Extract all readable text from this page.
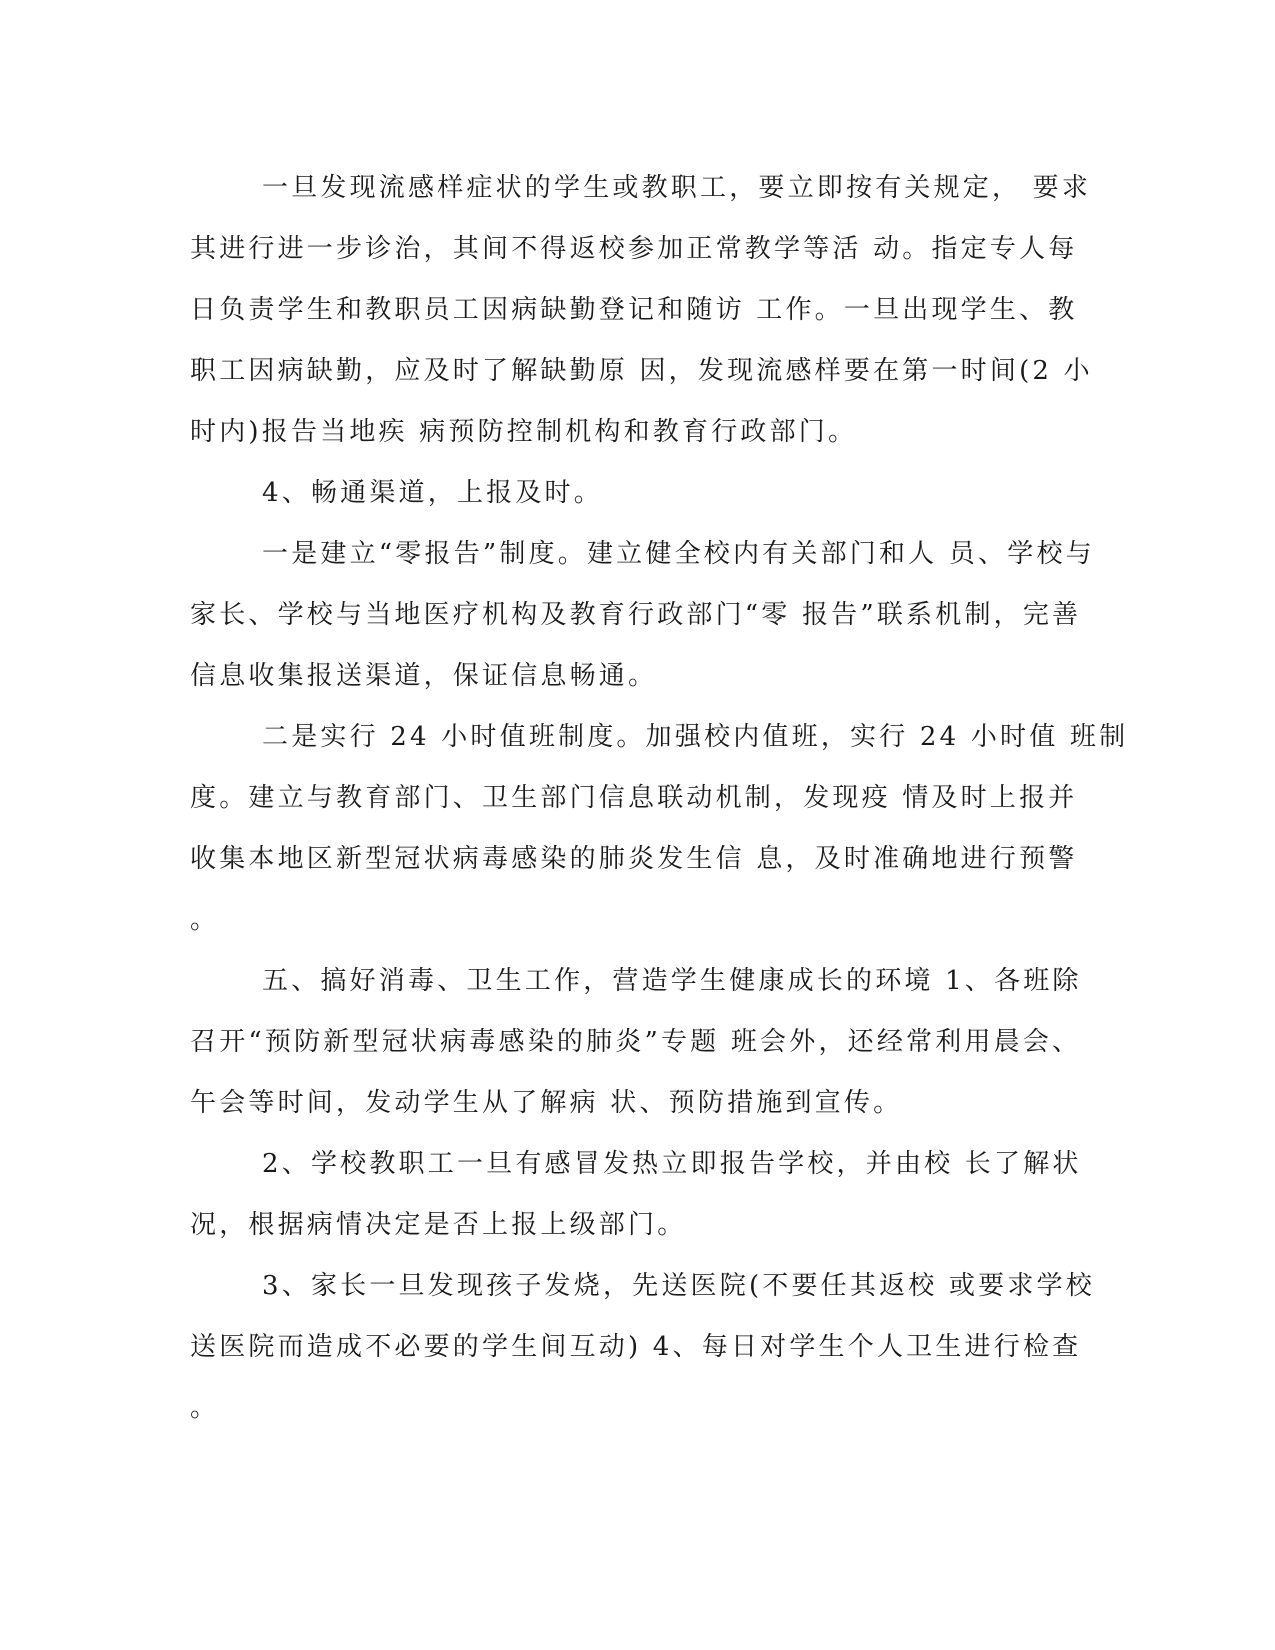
一旦发现流感样症状的学生或教职工，要立即按有关规定， 要求
其进行进一步诊治，其间不得返校参加正常教学等活 动。指定专人每
日负责学生和教职员工因病缺勤登记和随访 工作。一旦出现学生、教
职工因病缺勤，应及时了解缺勤原 因，发现流感样要在第一时间(2 小
时内)报告当地疾 病预防控制机构和教育行政部门。
4、畅通渠道，上报及时。
一是建立“零报告”制度。建立健全校内有关部门和人 员、学校与
家长、学校与当地医疗机构及教育行政部门“零 报告”联系机制，完善
信息收集报送渠道，保证信息畅通。
二是实行 24 小时值班制度。加强校内值班，实行 24 小时值 班制
度。建立与教育部门、卫生部门信息联动机制，发现疫 情及时上报并
收集本地区新型冠状病毒感染的肺炎发生信 息，及时准确地进行预警
。
五、搞好消毒、卫生工作，营造学生健康成长的环境 1、各班除
召开“预防新型冠状病毒感染的肺炎”专题 班会外，还经常利用晨会、
午会等时间，发动学生从了解病 状、预防措施到宣传。
2、学校教职工一旦有感冒发热立即报告学校，并由校 长了解状
况，根据病情决定是否上报上级部门。
3、家长一旦发现孩子发烧，先送医院(不要任其返校 或要求学校
送医院而造成不必要的学生间互动) 4、每日对学生个人卫生进行检查
。
